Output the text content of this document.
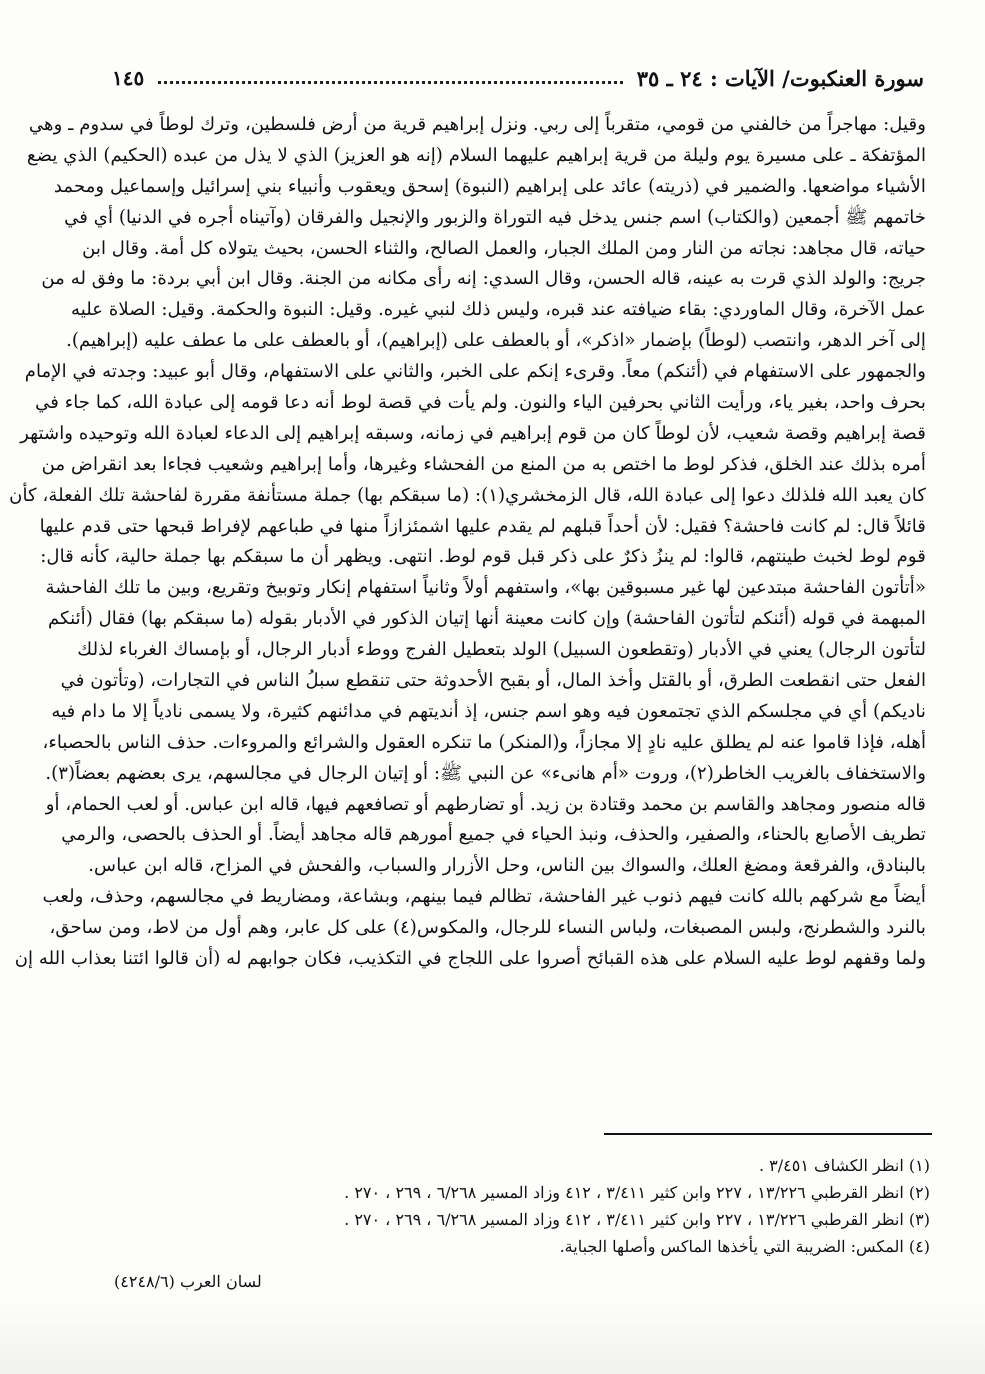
سورة العنكبوت/ الآيات : ٢٤ ـ ٣٥
١٤٥
وقيل: مهاجراً من خالفني من قومي، متقرباً إلى ربي. ونزل إبراهيم قرية من أرض فلسطين، وترك لوطاً في سدوم ـ وهي
المؤتفكة ـ على مسيرة يوم وليلة من قرية إبراهيم عليهما السلام (إنه هو العزيز) الذي لا يذل من عبده (الحكيم) الذي يضع
الأشياء مواضعها. والضمير في (ذريته) عائد على إبراهيم (النبوة) إسحق ويعقوب وأنبياء بني إسرائيل وإسماعيل ومحمد
خاتمهم ﷺ أجمعين (والكتاب) اسم جنس يدخل فيه التوراة والزبور والإنجيل والفرقان (وآتيناه أجره في الدنيا) أي في
حياته، قال مجاهد: نجاته من النار ومن الملك الجبار، والعمل الصالح، والثناء الحسن، بحيث يتولاه كل أمة. وقال ابن
جريج: والولد الذي قرت به عينه، قاله الحسن، وقال السدي: إنه رأى مكانه من الجنة. وقال ابن أبي بردة: ما وفق له من
عمل الآخرة، وقال الماوردي: بقاء ضيافته عند قبره، وليس ذلك لنبي غيره. وقيل: النبوة والحكمة. وقيل: الصلاة عليه
إلى آخر الدهر، وانتصب (لوطاً) بإضمار «اذكر»، أو بالعطف على (إبراهيم)، أو بالعطف على ما عطف عليه (إبراهيم).
والجمهور على الاستفهام في (أئنكم) معاً. وقرىء إنكم على الخبر، والثاني على الاستفهام، وقال أبو عبيد: وجدته في الإمام
بحرف واحد، بغير ياء، ورأيت الثاني بحرفين الياء والنون. ولم يأت في قصة لوط أنه دعا قومه إلى عبادة الله، كما جاء في
قصة إبراهيم وقصة شعيب، لأن لوطاً كان من قوم إبراهيم في زمانه، وسبقه إبراهيم إلى الدعاء لعبادة الله وتوحيده واشتهر
أمره بذلك عند الخلق، فذكر لوط ما اختص به من المنع من الفحشاء وغيرها، وأما إبراهيم وشعيب فجاءا بعد انقراض من
كان يعبد الله فلذلك دعوا إلى عبادة الله، قال الزمخشري(١): (ما سبقكم بها) جملة مستأنفة مقررة لفاحشة تلك الفعلة، كأن
قائلاً قال: لم كانت فاحشة؟ فقيل: لأن أحداً قبلهم لم يقدم عليها اشمئزازاً منها في طباعهم لإفراط قبحها حتى قدم عليها
قوم لوط لخبث طينتهم، قالوا: لم ينزُ ذكرٌ على ذكر قبل قوم لوط. انتهى. ويظهر أن ما سبقكم بها جملة حالية، كأنه قال:
«أتأتون الفاحشة مبتدعين لها غير مسبوقين بها»، واستفهم أولاً وثانياً استفهام إنكار وتوبيخ وتقريع، وبين ما تلك الفاحشة
المبهمة في قوله (أئنكم لتأتون الفاحشة) وإن كانت معينة أنها إتيان الذكور في الأدبار بقوله (ما سبقكم بها) فقال (أئنكم
لتأتون الرجال) يعني في الأدبار (وتقطعون السبيل) الولد بتعطيل الفرج ووطء أدبار الرجال، أو بإمساك الغرباء لذلك
الفعل حتى انقطعت الطرق، أو بالقتل وأخذ المال، أو بقبح الأحدوثة حتى تنقطع سبلُ الناس في التجارات، (وتأتون في
ناديكم) أي في مجلسكم الذي تجتمعون فيه وهو اسم جنس، إذ أنديتهم في مدائنهم كثيرة، ولا يسمى نادياً إلا ما دام فيه
أهله، فإذا قاموا عنه لم يطلق عليه نادٍ إلا مجازاً، و(المنكر) ما تنكره العقول والشرائع والمروءات. حذف الناس بالحصباء،
والاستخفاف بالغريب الخاطر(٢)، وروت «أم هانىء» عن النبي ﷺ: أو إتيان الرجال في مجالسهم، يرى بعضهم بعضاً(٣).
قاله منصور ومجاهد والقاسم بن محمد وقتادة بن زيد. أو تضارطهم أو تصافعهم فيها، قاله ابن عباس. أو لعب الحمام، أو
تطريف الأصابع بالحناء، والصفير، والحذف، ونبذ الحياء في جميع أمورهم قاله مجاهد أيضاً. أو الحذف بالحصى، والرمي
بالبنادق، والفرقعة ومضغ العلك، والسواك بين الناس، وحل الأزرار والسباب، والفحش في المزاح، قاله ابن عباس.
أيضاً مع شركهم بالله كانت فيهم ذنوب غير الفاحشة، تظالم فيما بينهم، وبشاعة، ومضاريط في مجالسهم، وحذف، ولعب
بالنرد والشطرنج، ولبس المصبغات، ولباس النساء للرجال، والمكوس(٤) على كل عابر، وهم أول من لاط، ومن ساحق،
ولما وقفهم لوط عليه السلام على هذه القبائح أصروا على اللجاج في التكذيب، فكان جوابهم له (أن قالوا ائتنا بعذاب الله إن
(١) انظر الكشاف ٣/٤٥١ .
(٢) انظر القرطبي ١٣/٢٢٦ ، ٢٢٧ وابن كثير ٣/٤١١ ، ٤١٢ وزاد المسير ٦/٢٦٨ ، ٢٦٩ ، ٢٧٠ .
(٣) انظر القرطبي ١٣/٢٢٦ ، ٢٢٧ وابن كثير ٣/٤١١ ، ٤١٢ وزاد المسير ٦/٢٦٨ ، ٢٦٩ ، ٢٧٠ .
(٤) المكس: الضريبة التي يأخذها الماكس وأصلها الجباية.
لسان العرب (٤٢٤٨/٦)
